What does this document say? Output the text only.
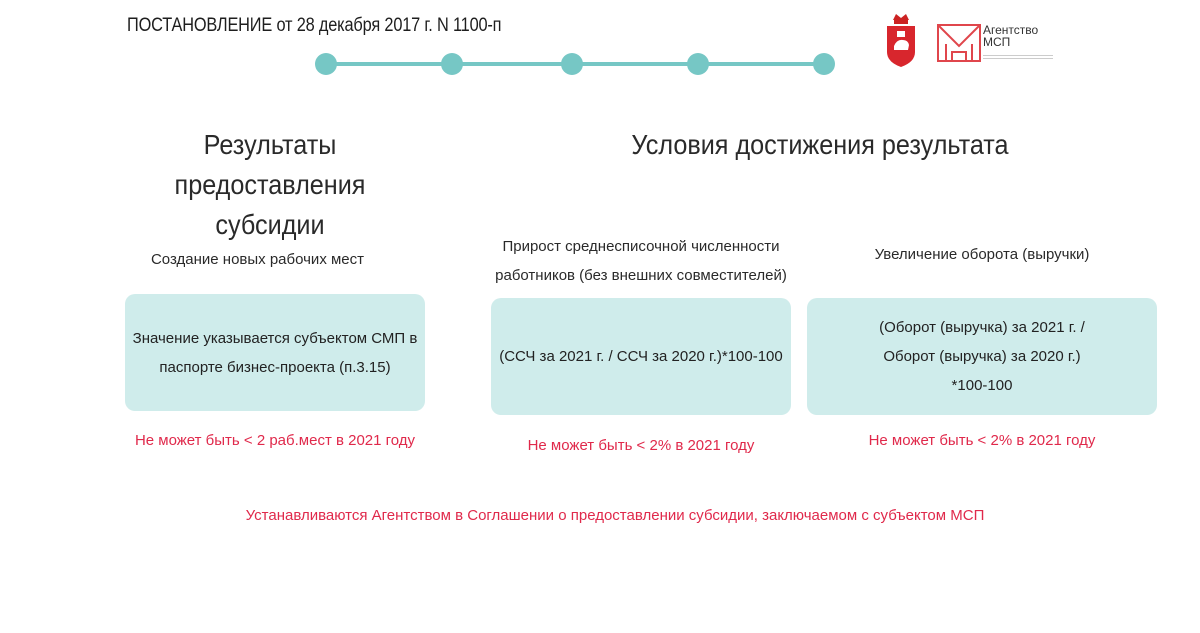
ПОСТАНОВЛЕНИЕ от 28 декабря 2017 г. N 1100-п	Агентство
МСП
Результаты предоставления
субсидии
Условия достижения результата
Создание новых рабочих мест
Значение указывается субъектом СМП в
паспорте бизнес-проекта (п.3.15)
Не может быть < 2 раб.мест в 2021 году
Прирост среднесписочной численности
работников (без внешних совместителей)
(ССЧ за 2021 г. / ССЧ за 2020 г.)*100-100
Не может быть < 2% в 2021 году
Увеличение оборота (выручки)
(Оборот (выручка) за 2021 г. /
Оборот (выручка) за 2020 г.)
*100-100
Не может быть < 2% в 2021 году
Устанавливаются Агентством в Соглашении о предоставлении субсидии, заключаемом с субъектом МСП
